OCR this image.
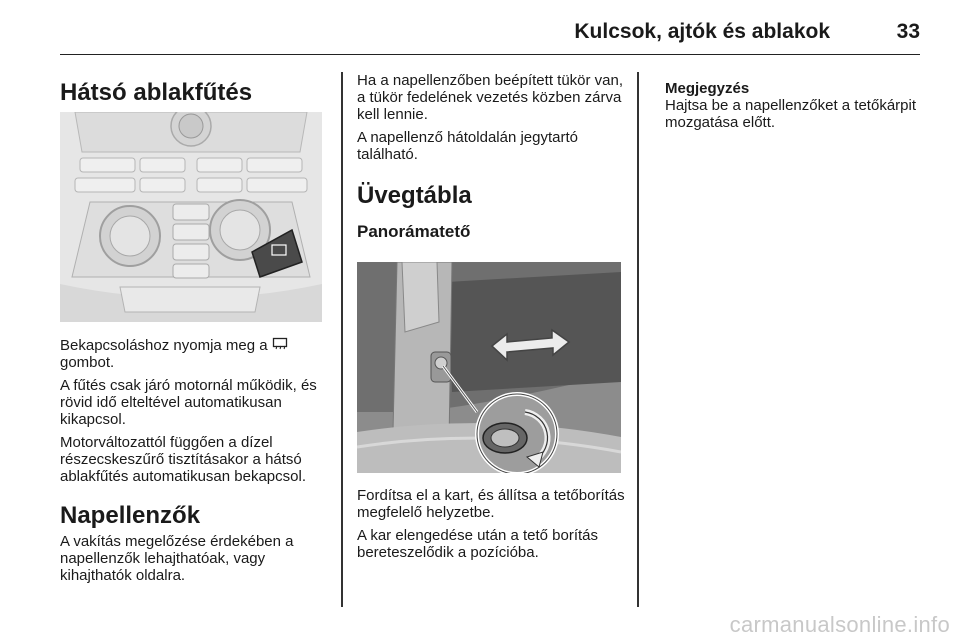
Kulcsok, ajtók és ablakok	33
Hátsó ablakfűtés

Bekapcsoláshoz nyomja meg a
gombot.

A fűtés csak járó motornál működik, és rövid idő elteltével automatikusan kikapcsol.

Motorváltozattól függően a dízel részecskeszűrő tisztításakor a hátsó ablakfűtés automatikusan bekapcsol.

Napellenzők

A vakítás megelőzése érdekében a napellenzők lehajthatóak, vagy kihajthatók oldalra.

Ha a napellenzőben beépített tükör van, a tükör fedelének vezetés közben zárva kell lennie.

A napellenző hátoldalán jegytartó található.

Üvegtábla
Panorámatető

Fordítsa el a kart, és állítsa a tetőborítás megfelelő helyzetbe.

A kar elengedése után a tető borítás bereteszelődik a pozícióba.

Megjegyzés

Hajtsa be a napellenzőket a tetőkárpit mozgatása előtt.

carmanualsonline.info
